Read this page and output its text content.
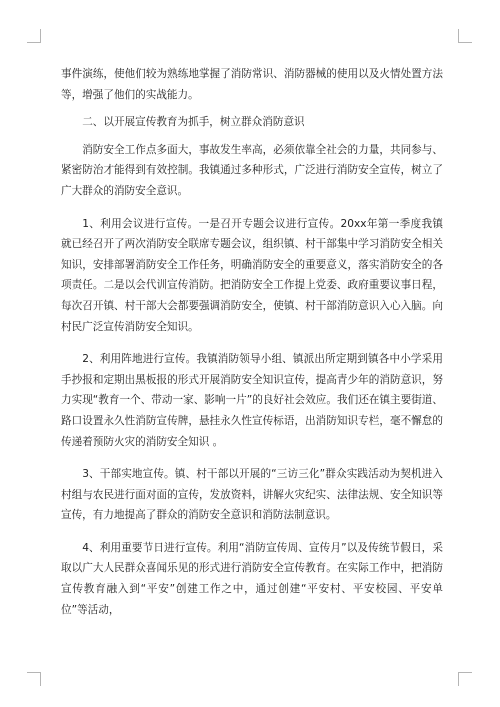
事件演练，使他们较为熟练地掌握了消防常识、消防器械的使用以及火情处置方法等，增强了他们的实战能力。

二、以开展宣传教育为抓手，树立群众消防意识

消防安全工作点多面大，事故发生率高，必须依靠全社会的力量，共同参与、紧密防治才能得到有效控制。我镇通过多种形式，广泛进行消防安全宣传，树立了广大群众的消防安全意识。

1、利用会议进行宣传。一是召开专题会议进行宣传。20xx年第一季度我镇就已经召开了两次消防安全联席专题会议，组织镇、村干部集中学习消防安全相关知识，安排部署消防安全工作任务，明确消防安全的重要意义，落实消防安全的各项责任。二是以会代训宣传消防。把消防安全工作提上党委、政府重要议事日程，每次召开镇、村干部大会都要强调消防安全，使镇、村干部消防意识入心入脑。向村民广泛宣传消防安全知识。

2、利用阵地进行宣传。我镇消防领导小组、镇派出所定期到镇各中小学采用手抄报和定期出黑板报的形式开展消防安全知识宣传，提高青少年的消防意识，努力实现“教育一个、带动一家、影响一片”的良好社会效应。我们还在镇主要街道、路口设置永久性消防宣传牌，悬挂永久性宣传标语，出消防知识专栏，毫不懈怠的传递着预防火灾的消防安全知识 。

3、干部实地宣传。镇、村干部以开展的“三访三化”群众实践活动为契机进入村组与农民进行面对面的宣传，发放资料，讲解火灾纪实、法律法规、安全知识等宣传，有力地提高了群众的消防安全意识和消防法制意识。

4、利用重要节日进行宣传。利用“消防宣传周、宣传月”以及传统节假日，采取以广大人民群众喜闻乐见的形式进行消防安全宣传教育。在实际工作中，把消防宣传教育融入到“平安”创建工作之中，通过创建“平安村、平安校园、平安单位”等活动，
